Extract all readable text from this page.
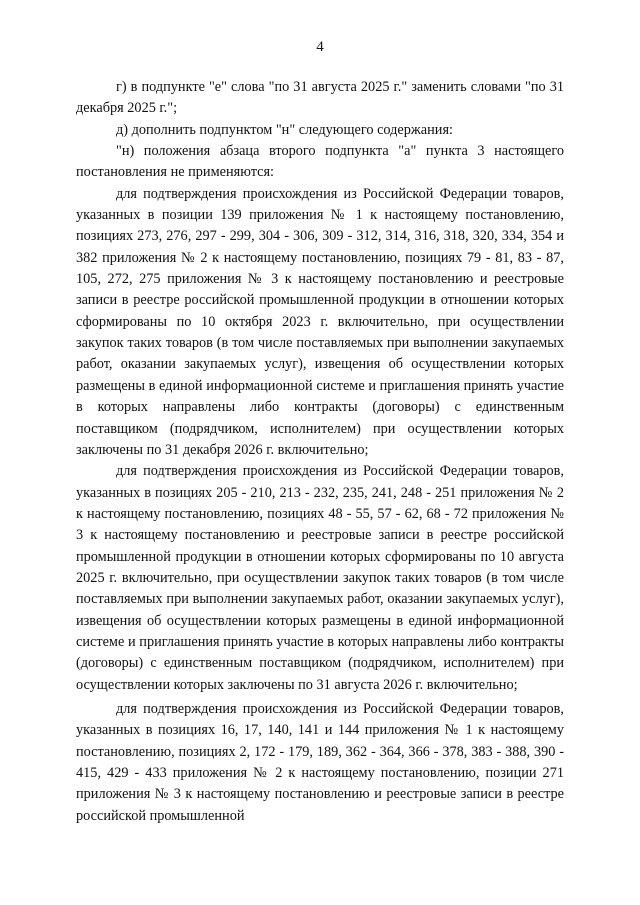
4

г) в подпункте "е" слова "по 31 августа 2025 г." заменить словами "по 31 декабря 2025 г.";

д) дополнить подпунктом "н" следующего содержания:

"н) положения абзаца второго подпункта "а" пункта 3 настоящего постановления не применяются:

для подтверждения происхождения из Российской Федерации товаров, указанных в позиции 139 приложения № 1 к настоящему постановлению, позициях 273, 276, 297 - 299, 304 - 306, 309 - 312, 314, 316, 318, 320, 334, 354 и 382 приложения № 2 к настоящему постановлению, позициях 79 - 81, 83 - 87, 105, 272, 275 приложения № 3 к настоящему постановлению и реестровые записи в реестре российской промышленной продукции в отношении которых сформированы по 10 октября 2023 г. включительно, при осуществлении закупок таких товаров (в том числе поставляемых при выполнении закупаемых работ, оказании закупаемых услуг), извещения об осуществлении которых размещены в единой информационной системе и приглашения принять участие в которых направлены либо контракты (договоры) с единственным поставщиком (подрядчиком, исполнителем) при осуществлении которых заключены по 31 декабря 2026 г. включительно;

для подтверждения происхождения из Российской Федерации товаров, указанных в позициях 205 - 210, 213 - 232, 235, 241, 248 - 251 приложения № 2 к настоящему постановлению, позициях 48 - 55, 57 - 62, 68 - 72 приложения № 3 к настоящему постановлению и реестровые записи в реестре российской промышленной продукции в отношении которых сформированы по 10 августа 2025 г. включительно, при осуществлении закупок таких товаров (в том числе поставляемых при выполнении закупаемых работ, оказании закупаемых услуг), извещения об осуществлении которых размещены в единой информационной системе и приглашения принять участие в которых направлены либо контракты (договоры) с единственным поставщиком (подрядчиком, исполнителем) при осуществлении которых заключены по 31 августа 2026 г. включительно;

для подтверждения происхождения из Российской Федерации товаров, указанных в позициях 16, 17, 140, 141 и 144 приложения № 1 к настоящему постановлению, позициях 2, 172 - 179, 189, 362 - 364, 366 - 378, 383 - 388, 390 - 415, 429 - 433 приложения № 2 к настоящему постановлению, позиции 271 приложения № 3 к настоящему постановлению и реестровые записи в реестре российской промышленной
